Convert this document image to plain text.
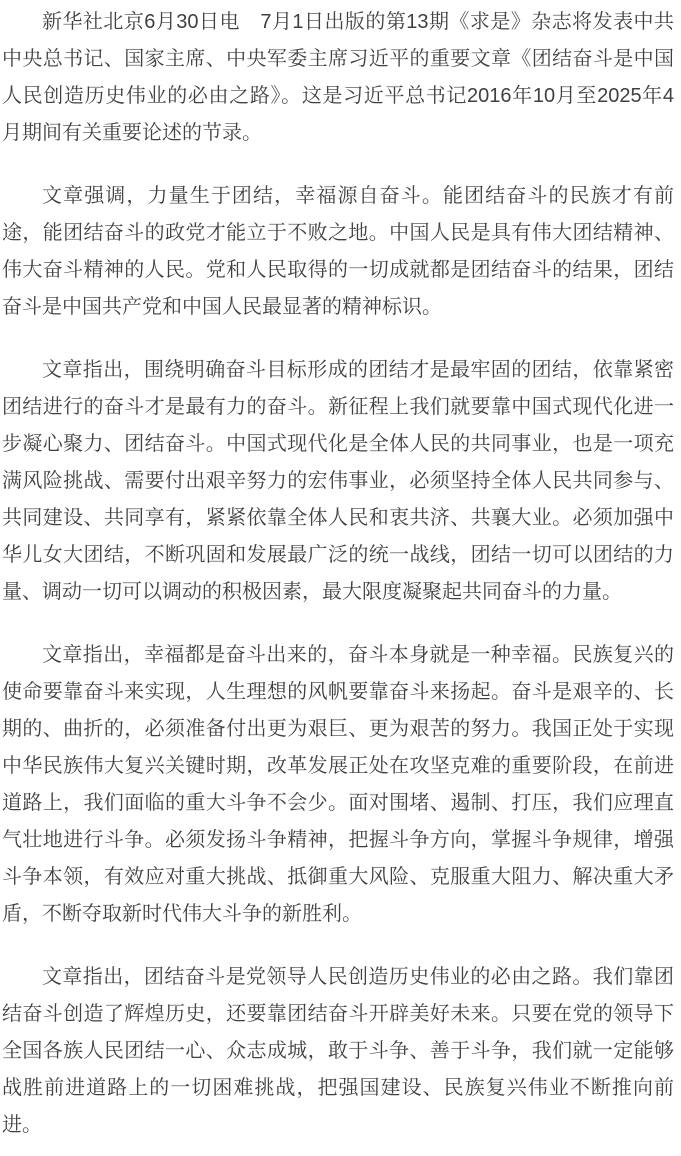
新华社北京6月30日电　7月1日出版的第13期《求是》杂志将发表中共中央总书记、国家主席、中央军委主席习近平的重要文章《团结奋斗是中国人民创造历史伟业的必由之路》。这是习近平总书记2016年10月至2025年4月期间有关重要论述的节录。

文章强调，力量生于团结，幸福源自奋斗。能团结奋斗的民族才有前途，能团结奋斗的政党才能立于不败之地。中国人民是具有伟大团结精神、伟大奋斗精神的人民。党和人民取得的一切成就都是团结奋斗的结果，团结奋斗是中国共产党和中国人民最显著的精神标识。

文章指出，围绕明确奋斗目标形成的团结才是最牢固的团结，依靠紧密团结进行的奋斗才是最有力的奋斗。新征程上我们就要靠中国式现代化进一步凝心聚力、团结奋斗。中国式现代化是全体人民的共同事业，也是一项充满风险挑战、需要付出艰辛努力的宏伟事业，必须坚持全体人民共同参与、共同建设、共同享有，紧紧依靠全体人民和衷共济、共襄大业。必须加强中华儿女大团结，不断巩固和发展最广泛的统一战线，团结一切可以团结的力量、调动一切可以调动的积极因素，最大限度凝聚起共同奋斗的力量。

文章指出，幸福都是奋斗出来的，奋斗本身就是一种幸福。民族复兴的使命要靠奋斗来实现，人生理想的风帆要靠奋斗来扬起。奋斗是艰辛的、长期的、曲折的，必须准备付出更为艰巨、更为艰苦的努力。我国正处于实现中华民族伟大复兴关键时期，改革发展正处在攻坚克难的重要阶段，在前进道路上，我们面临的重大斗争不会少。面对围堵、遏制、打压，我们应理直气壮地进行斗争。必须发扬斗争精神，把握斗争方向，掌握斗争规律，增强斗争本领，有效应对重大挑战、抵御重大风险、克服重大阻力、解决重大矛盾，不断夺取新时代伟大斗争的新胜利。

文章指出，团结奋斗是党领导人民创造历史伟业的必由之路。我们靠团结奋斗创造了辉煌历史，还要靠团结奋斗开辟美好未来。只要在党的领导下全国各族人民团结一心、众志成城，敢于斗争、善于斗争，我们就一定能够战胜前进道路上的一切困难挑战，把强国建设、民族复兴伟业不断推向前进。
